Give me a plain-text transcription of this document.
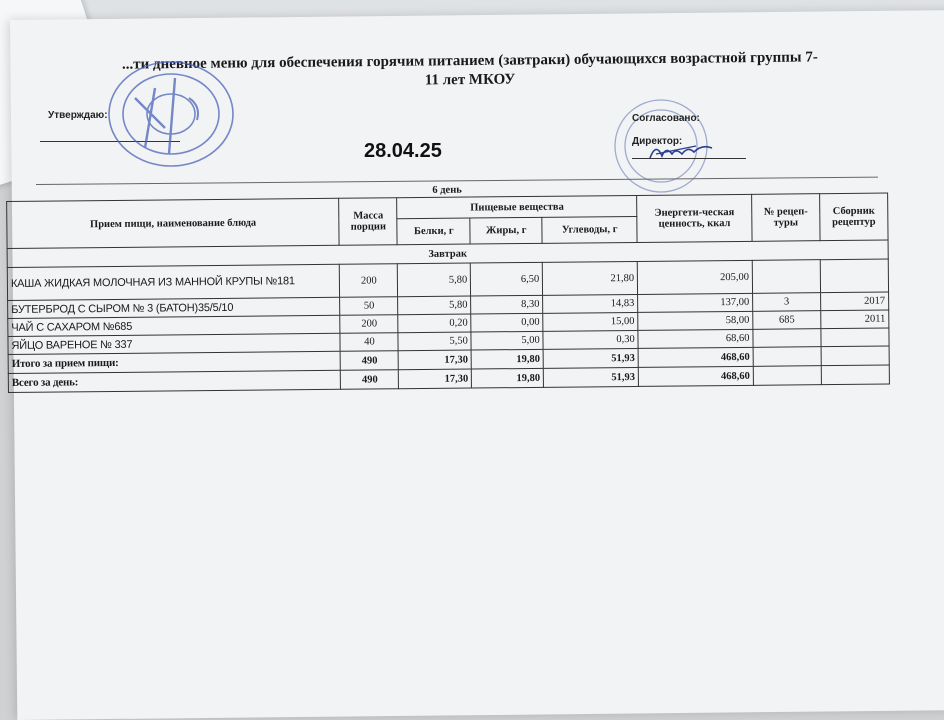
...ти дневное меню для обеспечения горячим питанием (завтраки) обучающихся возрастной группы 7-
11 лет МКОУ
Утверждаю:
28.04.25
Согласовано:
Директор:
6 день							
Прием пищи, наименование блюда	Масса порции	Пищевые вещества			Энергети-ческая ценность, ккал	№ рецеп-туры	Сборник рецептур
		Белки, г	Жиры, г	Углеводы, г			
Завтрак							
КАША ЖИДКАЯ МОЛОЧНАЯ ИЗ МАННОЙ КРУПЫ №181	200	5,80	6,50	21,80	205,00		
БУТЕРБРОД С СЫРОМ № 3 (БАТОН)35/5/10	50	5,80	8,30	14,83	137,00	3	2017
ЧАЙ С САХАРОМ №685	200	0,20	0,00	15,00	58,00	685	2011
ЯЙЦО ВАРЕНОЕ № 337	40	5,50	5,00	0,30	68,60		
Итого за прием пищи:	490	17,30	19,80	51,93	468,60		
Всего за день:	490	17,30	19,80	51,93	468,60		
